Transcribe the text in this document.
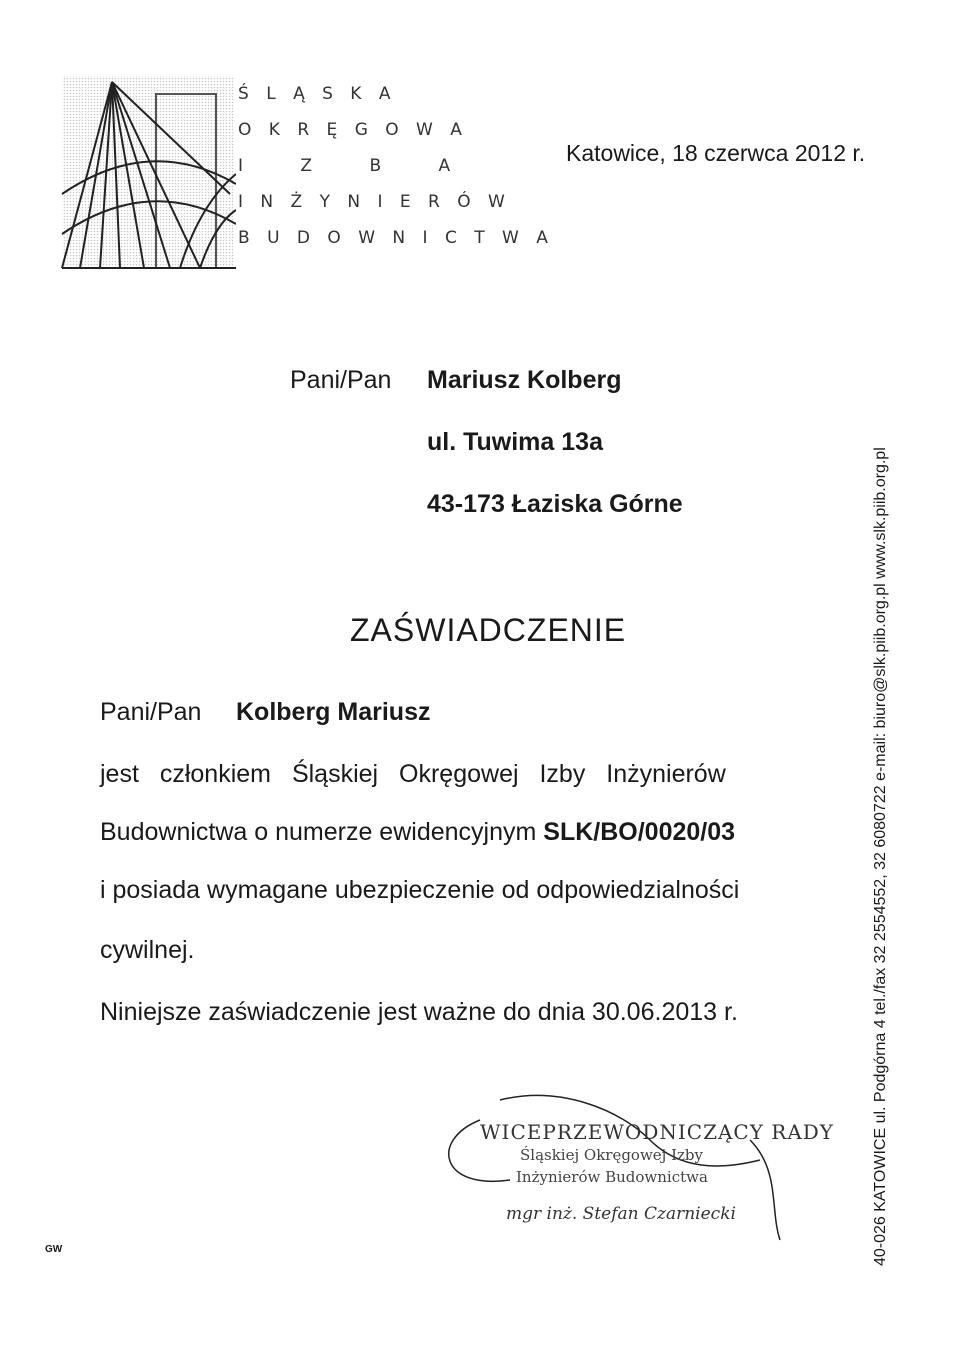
Ś L Ą S K A
O K R Ę G O W A
I Z B A
I N Ż Y N I E R Ó W
B U D O W N I C T W A
Katowice, 18 czerwca 2012 r.
Pani/Pan Mariusz Kolberg
ul. Tuwima 13a
43-173 Łaziska Górne
ZAŚWIADCZENIE
Pani/Pan Kolberg Mariusz
jest członkiem Śląskiej Okręgowej Izby Inżynierów
Budownictwa o numerze ewidencyjnym SLK/BO/0020/03
i posiada wymagane ubezpieczenie od odpowiedzialności
cywilnej.
Niniejsze zaświadczenie jest ważne do dnia 30.06.2013 r.
WICEPRZEWODNICZĄCY RADY
Śląskiej Okręgowej Izby
Inżynierów Budownictwa
mgr inż. Stefan Czarniecki
GW	40-026 KATOWICE ul. Podgórna 4 tel./fax 32 2554552, 32 6080722 e-mail: biuro@slk.piib.org.pl www.slk.piib.org.pl
